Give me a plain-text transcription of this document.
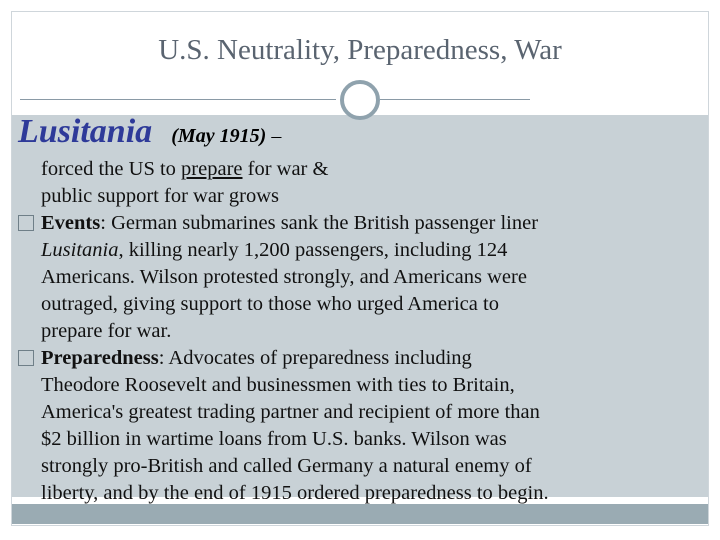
U.S. Neutrality, Preparedness, War
Lusitania (May 1915) –
forced the US to prepare for war &
public support for war grows
Events: German submarines sank the British passenger liner
Lusitania, killing nearly 1,200 passengers, including 124
Americans. Wilson protested strongly, and Americans were
outraged, giving support to those who urged America to
prepare for war.
Preparedness: Advocates of preparedness including
Theodore Roosevelt and businessmen with ties to Britain,
America's greatest trading partner and recipient of more than
$2 billion in wartime loans from U.S. banks. Wilson was
strongly pro-British and called Germany a natural enemy of
liberty, and by the end of 1915 ordered preparedness to begin.
